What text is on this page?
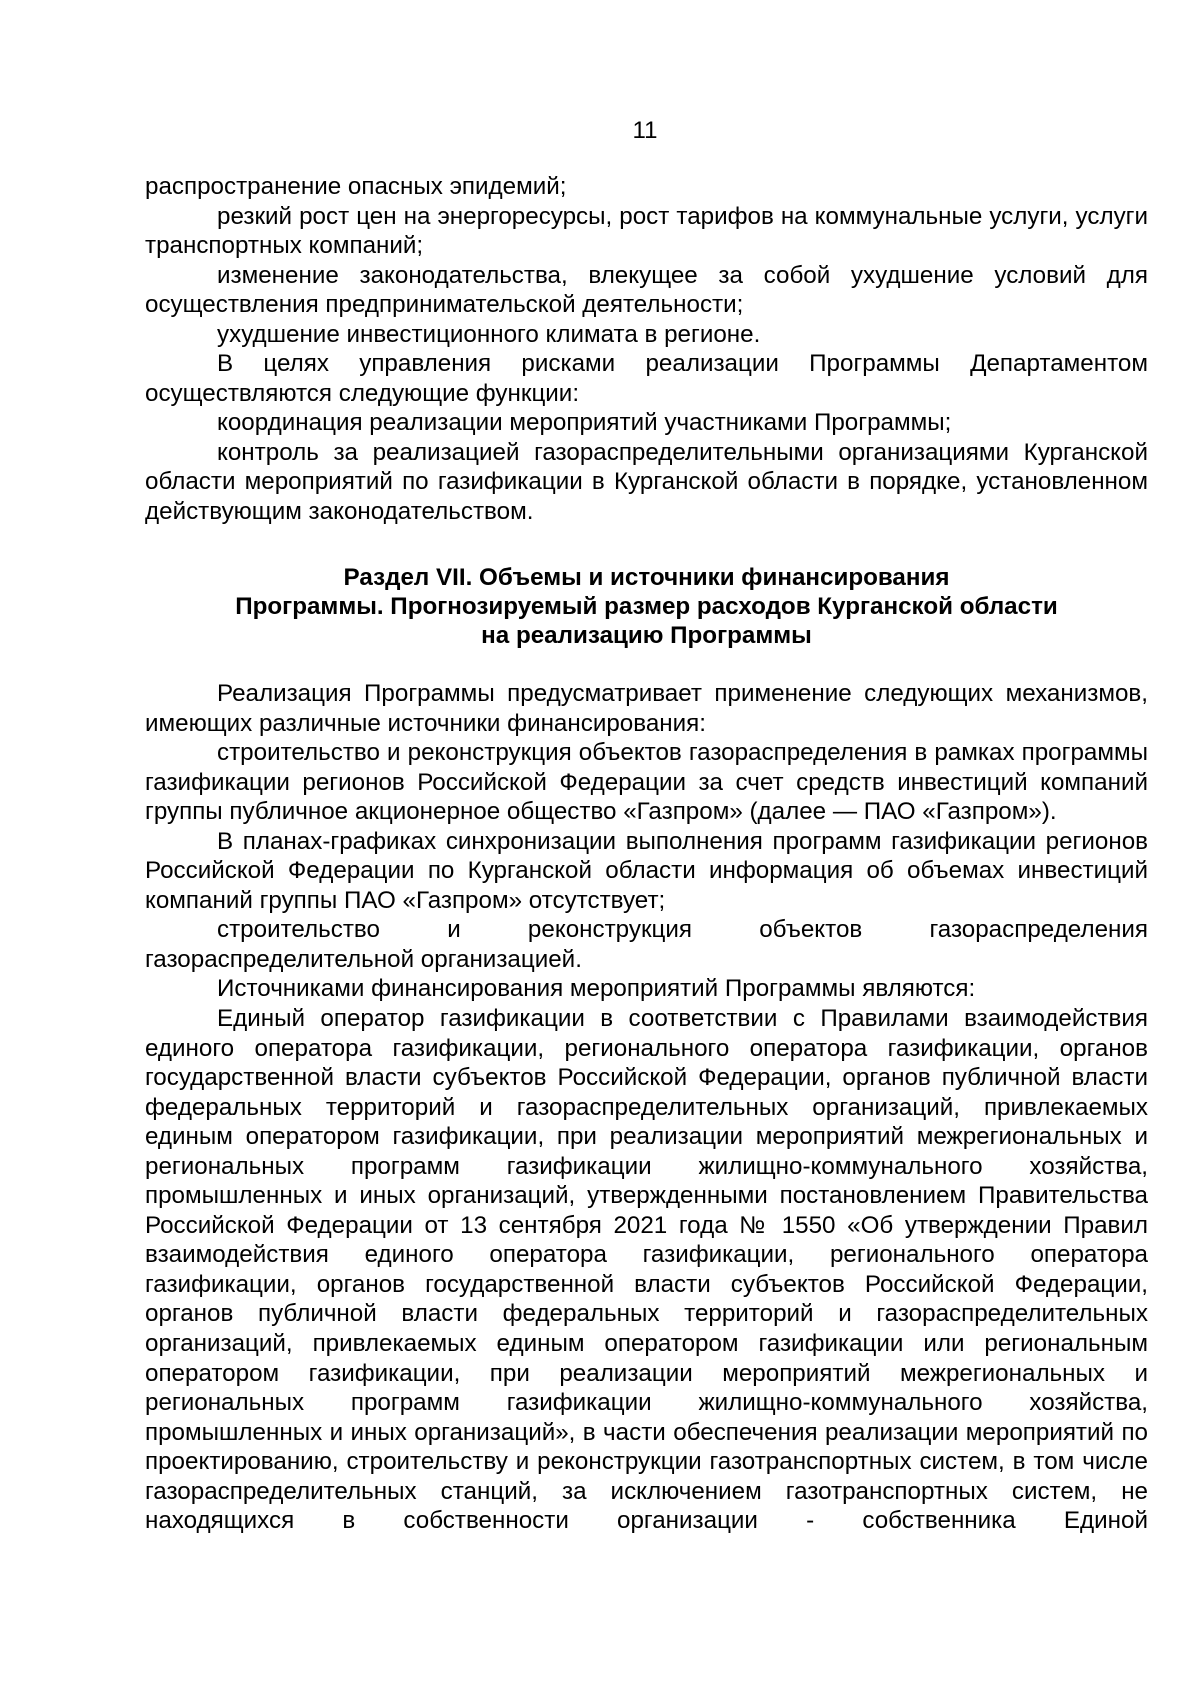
11

распространение опасных эпидемий;

резкий рост цен на энергоресурсы, рост тарифов на коммунальные услуги, услуги транспортных компаний;

изменение законодательства, влекущее за собой ухудшение условий для осуществления предпринимательской деятельности;

ухудшение инвестиционного климата в регионе.

В целях управления рисками реализации Программы Департаментом осуществляются следующие функции:

координация реализации мероприятий участниками Программы;

контроль за реализацией газораспределительными организациями Курганской области мероприятий по газификации в Курганской области в порядке, установленном действующим законодательством.

Раздел VII. Объемы и источники финансирования
Программы. Прогнозируемый размер расходов Курганской области
на реализацию Программы

Реализация Программы предусматривает применение следующих механизмов, имеющих различные источники финансирования:

строительство и реконструкция объектов газораспределения в рамках программы газификации регионов Российской Федерации за счет средств инвестиций компаний группы публичное акционерное общество «Газпром» (далее — ПАО «Газпром»).

В планах-графиках синхронизации выполнения программ газификации регионов Российской Федерации по Курганской области информация об объемах инвестиций компаний группы ПАО «Газпром» отсутствует;

строительство и реконструкция объектов газораспределения газораспределительной организацией.

Источниками финансирования мероприятий Программы являются:

Единый оператор газификации в соответствии с Правилами взаимодействия единого оператора газификации, регионального оператора газификации, органов государственной власти субъектов Российской Федерации, органов публичной власти федеральных территорий и газораспределительных организаций, привлекаемых единым оператором газификации, при реализации мероприятий межрегиональных и региональных программ газификации жилищно-коммунального хозяйства, промышленных и иных организаций, утвержденными постановлением Правительства Российской Федерации от 13 сентября 2021 года № 1550 «Об утверждении Правил взаимодействия единого оператора газификации, регионального оператора газификации, органов государственной власти субъектов Российской Федерации, органов публичной власти федеральных территорий и газораспределительных организаций, привлекаемых единым оператором газификации или региональным оператором газификации, при реализации мероприятий межрегиональных и региональных программ газификации жилищно-коммунального хозяйства, промышленных и иных организаций», в части обеспечения реализации мероприятий по проектированию, строительству и реконструкции газотранспортных систем, в том числе газораспределительных станций, за исключением газотранспортных систем, не находящихся в собственности организации - собственника Единой
